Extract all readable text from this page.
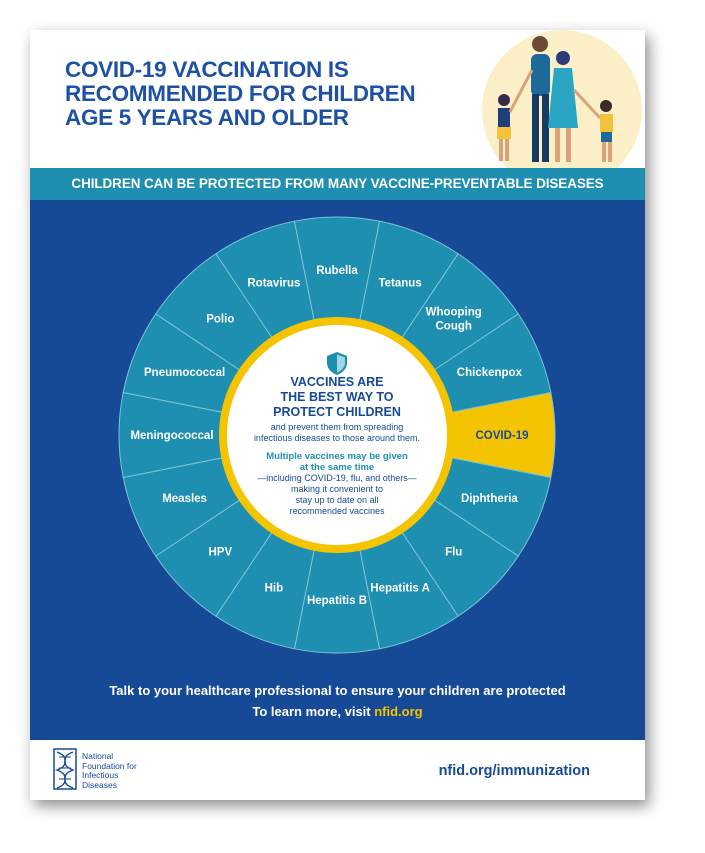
COVID-19 VACCINATION IS
RECOMMENDED FOR CHILDREN
AGE 5 YEARS AND OLDER
CHILDREN CAN BE PROTECTED FROM MANY VACCINE-PREVENTABLE DISEASES
COVID-19
Diphtheria
Flu
Hepatitis A
Hepatitis B
Hib
HPV
Measles
Meningococcal
Pneumococcal
Polio
Rotavirus
Rubella
Tetanus
Whooping Cough
Chickenpox
VACCINES ARE
THE BEST WAY TO
PROTECT CHILDREN
and prevent them from spreading
infectious diseases to those around them.
Multiple vaccines may be given
at the same time
—including COVID-19, flu, and others—
making it convenient to
stay up to date on all
recommended vaccines
Talk to your healthcare professional to ensure your children are protected
To learn more, visit nfid.org
National
Foundation for
Infectious
Diseases
nfid.org/immunization
